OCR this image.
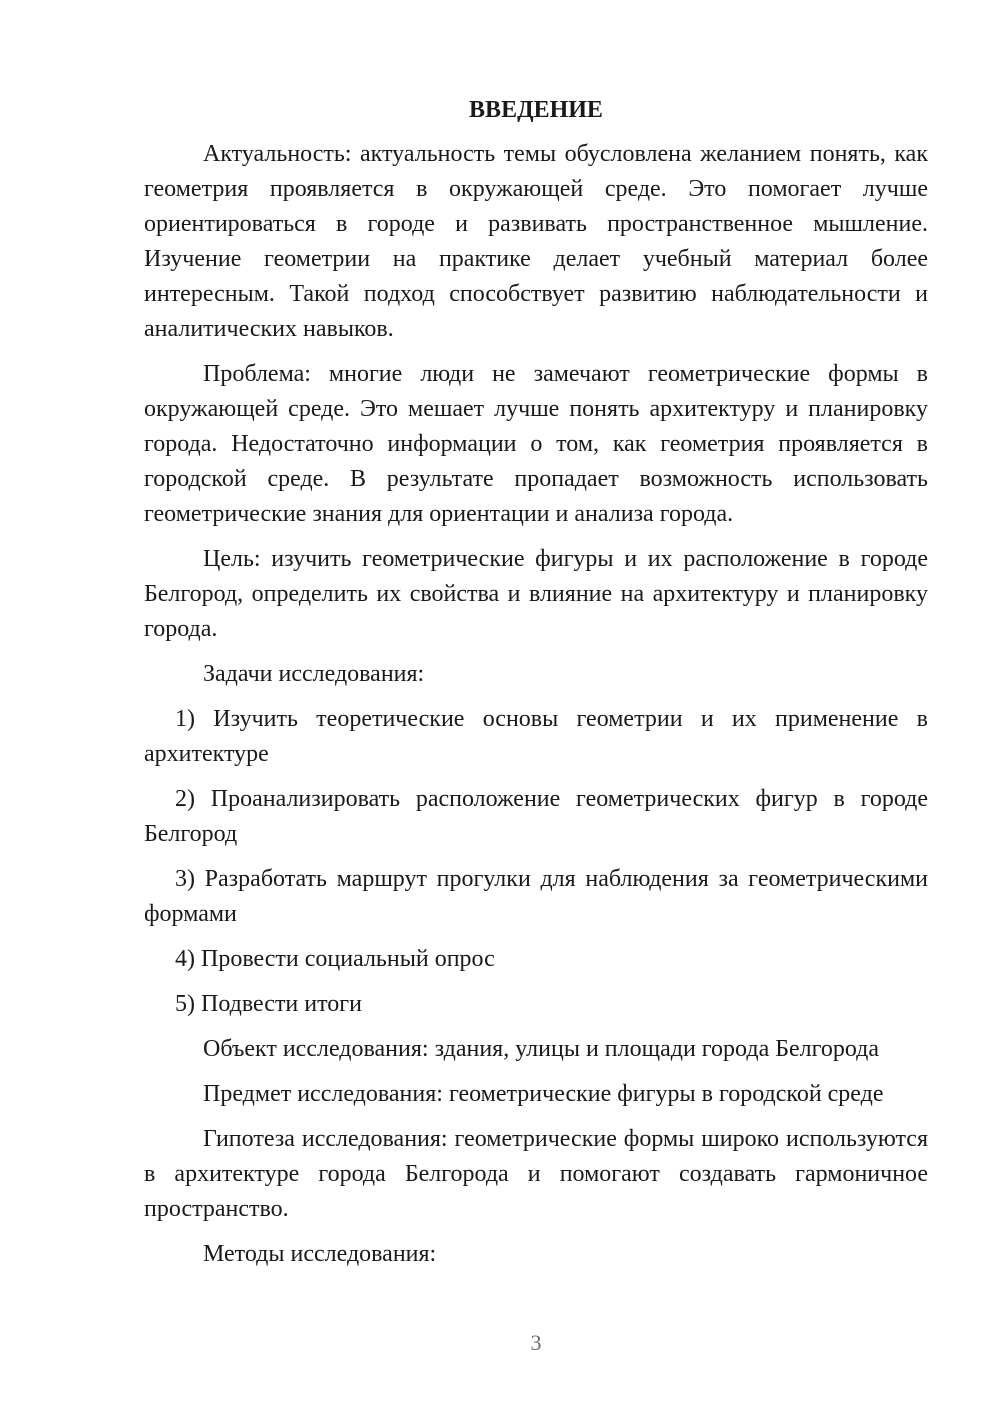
ВВЕДЕНИЕ

Актуальность: актуальность темы обусловлена желанием понять, как геометрия проявляется в окружающей среде. Это помогает лучше ориентироваться в городе и развивать пространственное мышление. Изучение геометрии на практике делает учебный материал более интересным. Такой подход способствует развитию наблюдательности и аналитических навыков.

Проблема: многие люди не замечают геометрические формы в окружающей среде. Это мешает лучше понять архитектуру и планировку города. Недостаточно информации о том, как геометрия проявляется в городской среде. В результате пропадает возможность использовать геометрические знания для ориентации и анализа города.

Цель: изучить геометрические фигуры и их расположение в городе Белгород, определить их свойства и влияние на архитектуру и планировку города.

Задачи исследования:

1) Изучить теоретические основы геометрии и их применение в архитектуре

2) Проанализировать расположение геометрических фигур в городе Белгород

3) Разработать маршрут прогулки для наблюдения за геометрическими формами

4) Провести социальный опрос

5) Подвести итоги

Объект исследования: здания, улицы и площади города Белгорода

Предмет исследования: геометрические фигуры в городской среде

Гипотеза исследования: геометрические формы широко используются в архитектуре города Белгорода и помогают создавать гармоничное пространство.

Методы исследования:

3
